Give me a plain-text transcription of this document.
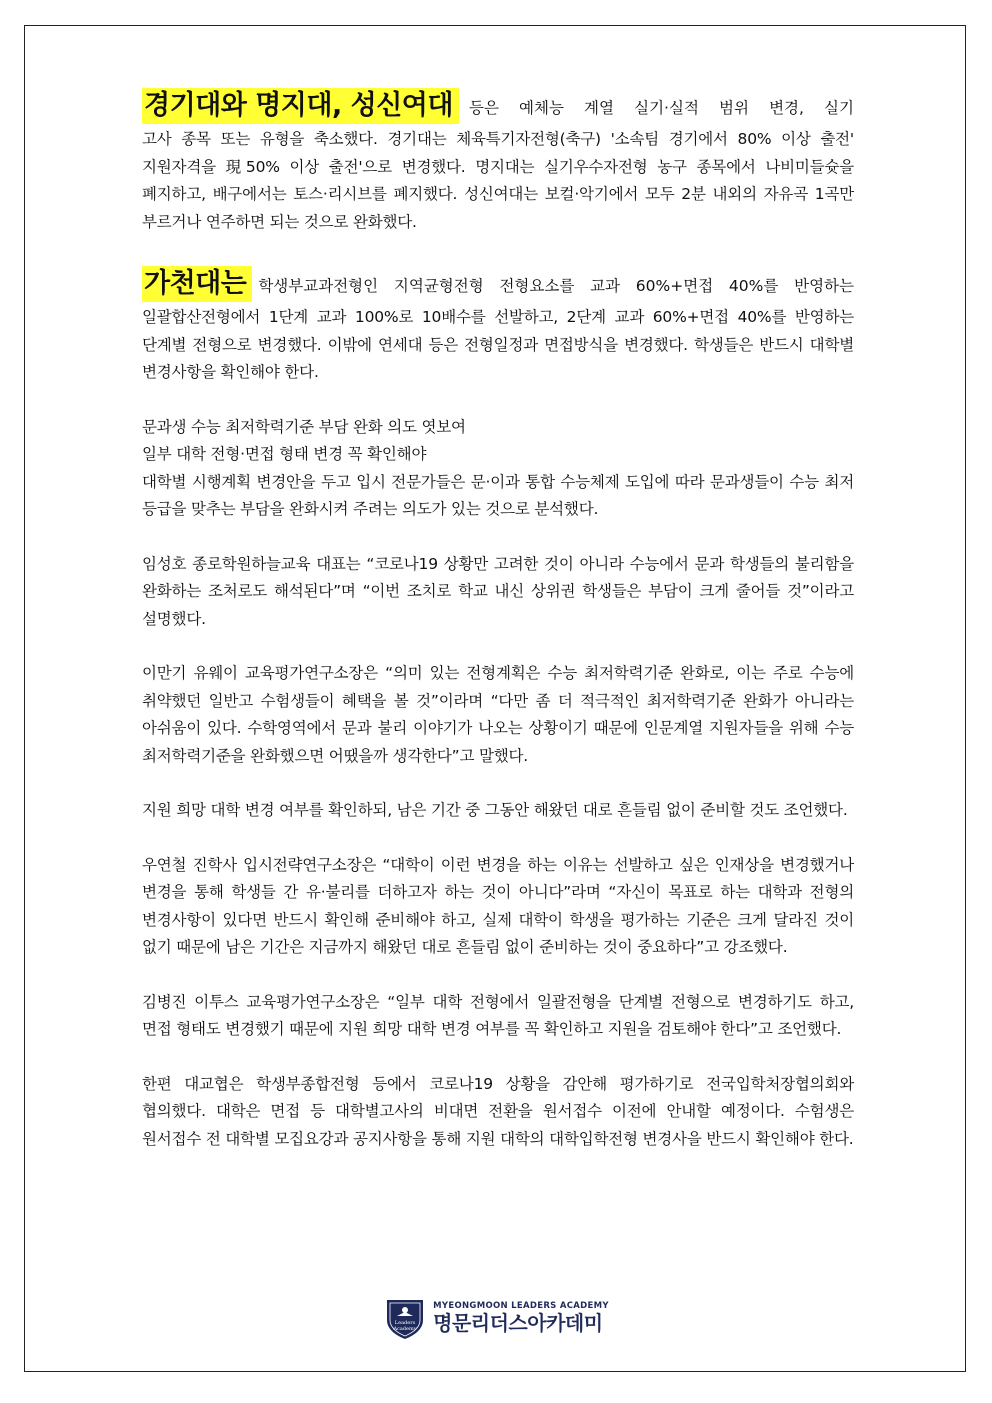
경기대와 명지대, 성신여대	등은 예체능 계열 실기·실적 범위 변경, 실기

고사 종목 또는 유형을 축소했다. 경기대는 체육특기자전형(축구) '소속팀 경기에서 80% 이상 출전' 지원자격을 現50% 이상 출전'으로 변경했다. 명지대는 실기우수자전형 농구 종목에서 나비미들슛을 폐지하고, 배구에서는 토스·리시브를 폐지했다. 성신여대는 보컬·악기에서 모두 2분 내외의 자유곡 1곡만 부르거나 연주하면 되는 것으로 완화했다.

가천대는 학생부교과전형인 지역균형전형 전형요소를 교과 60%+면접 40%를 반영하는

일괄합산전형에서 1단계 교과 100%로 10배수를 선발하고, 2단계 교과 60%+면접 40%를 반영하는 단계별 전형으로 변경했다. 이밖에 연세대 등은 전형일정과 면접방식을 변경했다. 학생들은 반드시 대학별 변경사항을 확인해야 한다.

문과생 수능 최저학력기준 부담 완화 의도 엿보여

일부 대학 전형·면접 형태 변경 꼭 확인해야

대학별 시행계획 변경안을 두고 입시 전문가들은 문·이과 통합 수능체제 도입에 따라 문과생들이 수능 최저 등급을 맞추는 부담을 완화시켜 주려는 의도가 있는 것으로 분석했다.

임성호 종로학원하늘교육 대표는 “코로나19 상황만 고려한 것이 아니라 수능에서 문과 학생들의 불리함을 완화하는 조처로도 해석된다”며 “이번 조치로 학교 내신 상위권 학생들은 부담이 크게 줄어들 것”이라고 설명했다.

이만기 유웨이 교육평가연구소장은 “의미 있는 전형계획은 수능 최저학력기준 완화로, 이는 주로 수능에 취약했던 일반고 수험생들이 혜택을 볼 것”이라며 “다만 좀 더 적극적인 최저학력기준 완화가 아니라는 아쉬움이 있다. 수학영역에서 문과 불리 이야기가 나오는 상황이기 때문에 인문계열 지원자들을 위해 수능 최저학력기준을 완화했으면 어땠을까 생각한다”고 말했다.

지원 희망 대학 변경 여부를 확인하되, 남은 기간 중 그동안 해왔던 대로 흔들림 없이 준비할 것도 조언했다.

우연철 진학사 입시전략연구소장은 “대학이 이런 변경을 하는 이유는 선발하고 싶은 인재상을 변경했거나 변경을 통해 학생들 간 유·불리를 더하고자 하는 것이 아니다”라며 “자신이 목표로 하는 대학과 전형의 변경사항이 있다면 반드시 확인해 준비해야 하고, 실제 대학이 학생을 평가하는 기준은 크게 달라진 것이 없기 때문에 남은 기간은 지금까지 해왔던 대로 흔들림 없이 준비하는 것이 중요하다”고 강조했다.

김병진 이투스 교육평가연구소장은 “일부 대학 전형에서 일괄전형을 단계별 전형으로 변경하기도 하고, 면접 형태도 변경했기 때문에 지원 희망 대학 변경 여부를 꼭 확인하고 지원을 검토해야 한다”고 조언했다.

한편 대교협은 학생부종합전형 등에서 코로나19 상황을 감안해 평가하기로 전국입학처장협의회와 협의했다. 대학은 면접 등 대학별고사의 비대면 전환을 원서접수 이전에 안내할 예정이다. 수험생은 원서접수 전 대학별 모집요강과 공지사항을 통해 지원 대학의 대학입학전형 변경사을 반드시 확인해야 한다.

Leaders
Academy
MYEONGMOON LEADERS ACADEMY
명문리더스아카데미
